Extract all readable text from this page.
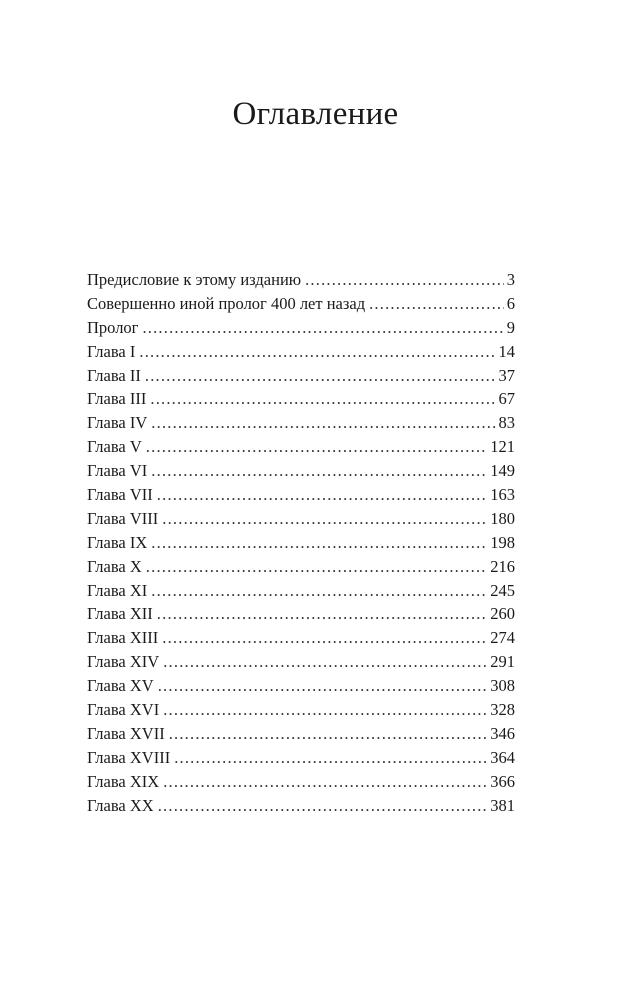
Оглавление
Предисловие к этому изданию .....	3
Совершенно иной пролог 400 лет назад .....	6
Пролог .....	9
Глава I .....	14
Глава II .....	37
Глава III .....	67
Глава IV .....	83
Глава V .....	121
Глава VI .....	149
Глава VII .....	163
Глава VIII .....	180
Глава IX .....	198
Глава X .....	216
Глава XI .....	245
Глава XII .....	260
Глава XIII .....	274
Глава XIV .....	291
Глава XV .....	308
Глава XVI .....	328
Глава XVII .....	346
Глава XVIII .....	364
Глава XIX .....	366
Глава XX .....	381
